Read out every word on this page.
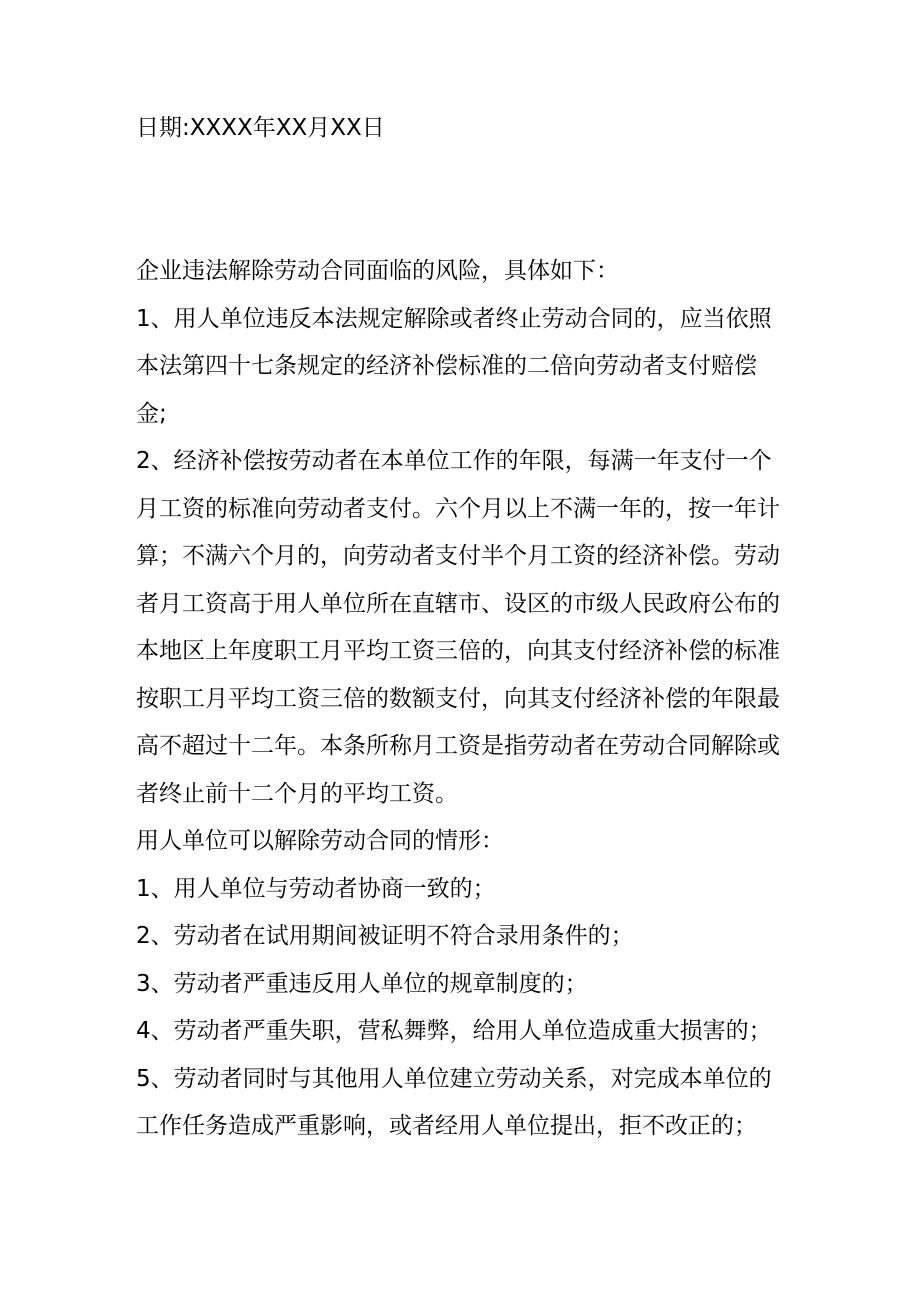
日期:XXXX年XX月XX日

企业违法解除劳动合同面临的风险，具体如下：

1、用人单位违反本法规定解除或者终止劳动合同的，应当依照

本法第四十七条规定的经济补偿标准的二倍向劳动者支付赔偿

金;

2、经济补偿按劳动者在本单位工作的年限，每满一年支付一个

月工资的标准向劳动者支付。六个月以上不满一年的，按一年计

算；不满六个月的，向劳动者支付半个月工资的经济补偿。劳动

者月工资高于用人单位所在直辖市、设区的市级人民政府公布的

本地区上年度职工月平均工资三倍的，向其支付经济补偿的标准

按职工月平均工资三倍的数额支付，向其支付经济补偿的年限最

高不超过十二年。本条所称月工资是指劳动者在劳动合同解除或

者终止前十二个月的平均工资。

用人单位可以解除劳动合同的情形：

1、用人单位与劳动者协商一致的；

2、劳动者在试用期间被证明不符合录用条件的；

3、劳动者严重违反用人单位的规章制度的；

4、劳动者严重失职，营私舞弊，给用人单位造成重大损害的；

5、劳动者同时与其他用人单位建立劳动关系，对完成本单位的

工作任务造成严重影响，或者经用人单位提出，拒不改正的；
